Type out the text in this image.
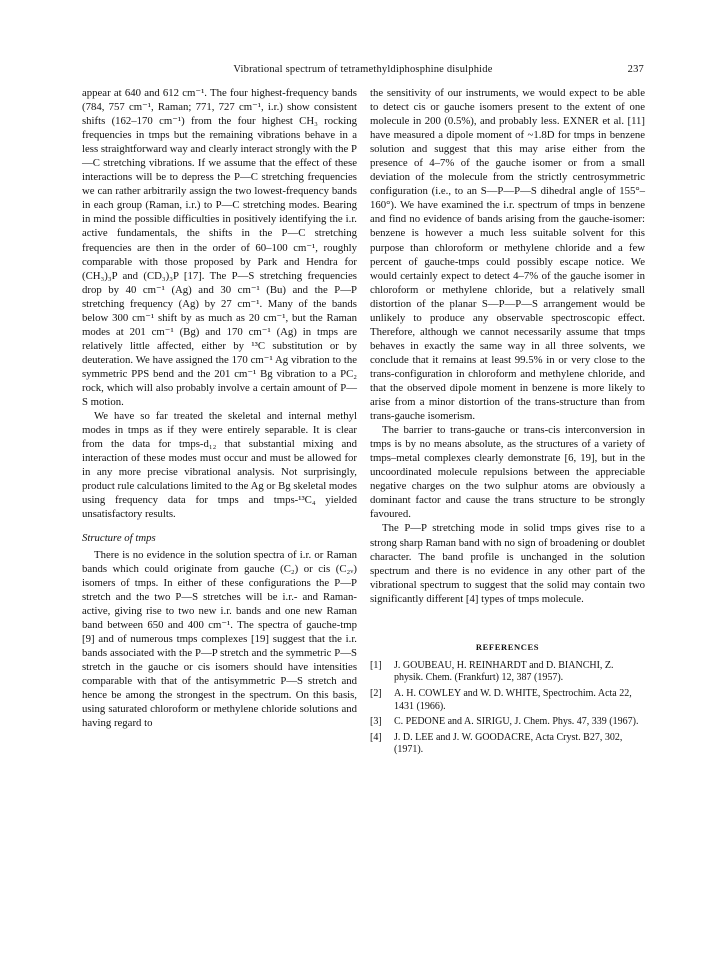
Vibrational spectrum of tetramethyldiphosphine disulphide	237

appear at 640 and 612 cm⁻¹. The four highest-frequency bands (784, 757 cm⁻¹, Raman; 771, 727 cm⁻¹, i.r.) show consistent shifts (162–170 cm⁻¹) from the four highest CH₃ rocking frequencies in tmps but the remaining vibrations behave in a less straightforward way and clearly interact strongly with the P—C stretching vibrations. If we assume that the effect of these interactions will be to depress the P—C stretching frequencies we can rather arbitrarily assign the two lowest-frequency bands in each group (Raman, i.r.) to P—C stretching modes. Bearing in mind the possible difficulties in positively identifying the i.r. active fundamentals, the shifts in the P—C stretching frequencies are then in the order of 60–100 cm⁻¹, roughly comparable with those proposed by Park and Hendra for (CH₃)₃P and (CD₃)₃P [17]. The P—S stretching frequencies drop by 40 cm⁻¹ (Ag) and 30 cm⁻¹ (Bu) and the P—P stretching frequency (Ag) by 27 cm⁻¹. Many of the bands below 300 cm⁻¹ shift by as much as 20 cm⁻¹, but the Raman modes at 201 cm⁻¹ (Bg) and 170 cm⁻¹ (Ag) in tmps are relatively little affected, either by ¹³C substitution or by deuteration. We have assigned the 170 cm⁻¹ Ag vibration to the symmetric PPS bend and the 201 cm⁻¹ Bg vibration to a PC₂ rock, which will also probably involve a certain amount of P—S motion.

We have so far treated the skeletal and internal methyl modes in tmps as if they were entirely separable. It is clear from the data for tmps-d₁₂ that substantial mixing and interaction of these modes must occur and must be allowed for in any more precise vibrational analysis. Not surprisingly, product rule calculations limited to the Ag or Bg skeletal modes using frequency data for tmps and tmps-¹³C₄ yielded unsatisfactory results.

Structure of tmps

There is no evidence in the solution spectra of i.r. or Raman bands which could originate from gauche (C₂) or cis (C₂ᵥ) isomers of tmps. In either of these configurations the P—P stretch and the two P—S stretches will be i.r.- and Raman-active, giving rise to two new i.r. bands and one new Raman band between 650 and 400 cm⁻¹. The spectra of gauche-tmp [9] and of numerous tmps complexes [19] suggest that the i.r. bands associated with the P—P stretch and the symmetric P—S stretch in the gauche or cis isomers should have intensities comparable with that of the antisymmetric P—S stretch and hence be among the strongest in the spectrum. On this basis, using saturated chloroform or methylene chloride solutions and having regard to

the sensitivity of our instruments, we would expect to be able to detect cis or gauche isomers present to the extent of one molecule in 200 (0.5%), and probably less. EXNER et al. [11] have measured a dipole moment of ~1.8D for tmps in benzene solution and suggest that this may arise either from the presence of 4–7% of the gauche isomer or from a small deviation of the molecule from the strictly centrosymmetric configuration (i.e., to an S—P—P—S dihedral angle of 155°–160°). We have examined the i.r. spectrum of tmps in benzene and find no evidence of bands arising from the gauche-isomer: benzene is however a much less suitable solvent for this purpose than chloroform or methylene chloride and a few percent of gauche-tmps could possibly escape notice. We would certainly expect to detect 4–7% of the gauche isomer in chloroform or methylene chloride, but a relatively small distortion of the planar S—P—P—S arrangement would be unlikely to produce any observable spectroscopic effect. Therefore, although we cannot necessarily assume that tmps behaves in exactly the same way in all three solvents, we conclude that it remains at least 99.5% in or very close to the trans-configuration in chloroform and methylene chloride, and that the observed dipole moment in benzene is more likely to arise from a minor distortion of the trans-structure than from trans-gauche isomerism.

The barrier to trans-gauche or trans-cis interconversion in tmps is by no means absolute, as the structures of a variety of tmps–metal complexes clearly demonstrate [6, 19], but in the uncoordinated molecule repulsions between the appreciable negative charges on the two sulphur atoms are obviously a dominant factor and cause the trans structure to be strongly favoured.

The P—P stretching mode in solid tmps gives rise to a strong sharp Raman band with no sign of broadening or doublet character. The band profile is unchanged in the solution spectrum and there is no evidence in any other part of the vibrational spectrum to suggest that the solid may contain two significantly different [4] types of tmps molecule.

REFERENCES
[1] J. GOUBEAU, H. REINHARDT and D. BIANCHI, Z. physik. Chem. (Frankfurt) 12, 387 (1957).
[2] A. H. COWLEY and W. D. WHITE, Spectrochim. Acta 22, 1431 (1966).
[3] C. PEDONE and A. SIRIGU, J. Chem. Phys. 47, 339 (1967).
[4] J. D. LEE and J. W. GOODACRE, Acta Cryst. B27, 302, (1971).
